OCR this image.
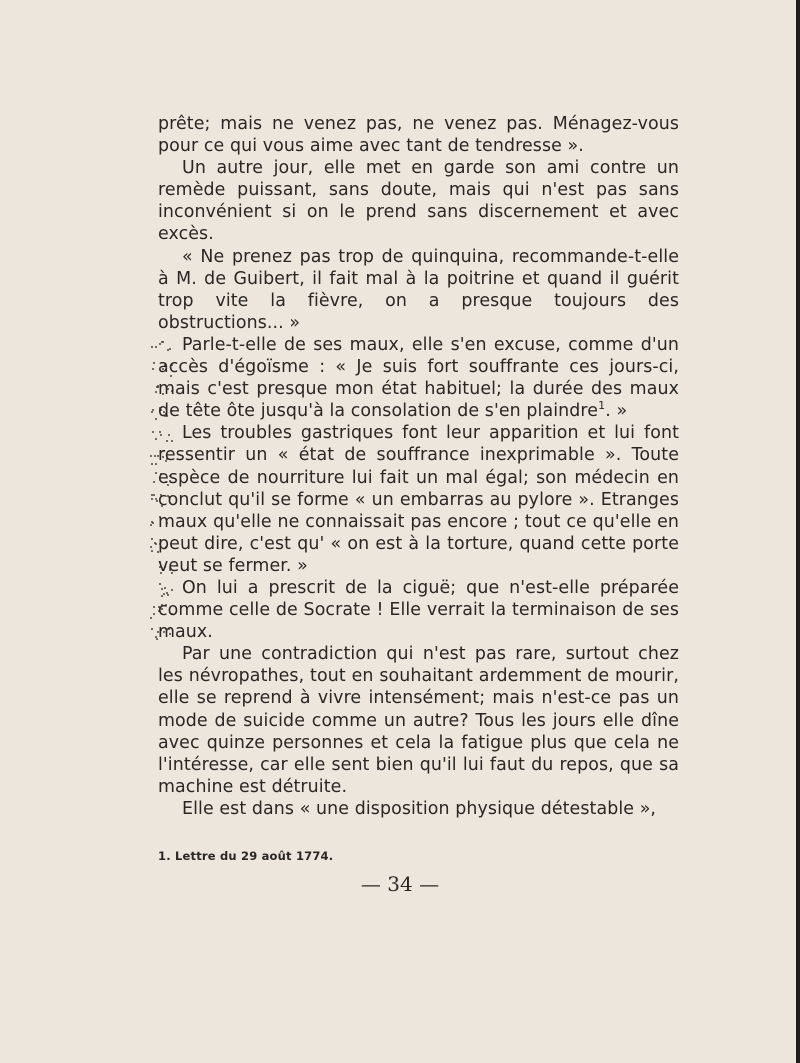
prête; mais ne venez pas, ne venez pas. Ménagez-vous pour ce qui vous aime avec tant de tendresse ».

Un autre jour, elle met en garde son ami contre un remède puissant, sans doute, mais qui n'est pas sans inconvénient si on le prend sans discernement et avec excès.

« Ne prenez pas trop de quinquina, recommande-t-elle à M. de Guibert, il fait mal à la poitrine et quand il guérit trop vite la fièvre, on a presque toujours des obstructions... »

Parle-t-elle de ses maux, elle s'en excuse, comme d'un accès d'égoïsme : « Je suis fort souffrante ces jours-ci, mais c'est presque mon état habituel; la durée des maux de tête ôte jusqu'à la consolation de s'en plaindre$^1$. »

Les troubles gastriques font leur apparition et lui font ressentir un « état de souffrance inexprimable ». Toute espèce de nourriture lui fait un mal égal; son médecin en conclut qu'il se forme « un embarras au pylore ». Etranges maux qu'elle ne connaissait pas encore ; tout ce qu'elle en peut dire, c'est qu' « on est à la torture, quand cette porte veut se fermer. »

On lui a prescrit de la ciguë; que n'est-elle préparée comme celle de Socrate ! Elle verrait la terminaison de ses maux.

Par une contradiction qui n'est pas rare, surtout chez les névropathes, tout en souhaitant ardemment de mourir, elle se reprend à vivre intensément; mais n'est-ce pas un mode de suicide comme un autre? Tous les jours elle dîne avec quinze personnes et cela la fatigue plus que cela ne l'intéresse, car elle sent bien qu'il lui faut du repos, que sa machine est détruite.

Elle est dans « une disposition physique détestable »,

1. Lettre du 29 août 1774.

— 34 —
